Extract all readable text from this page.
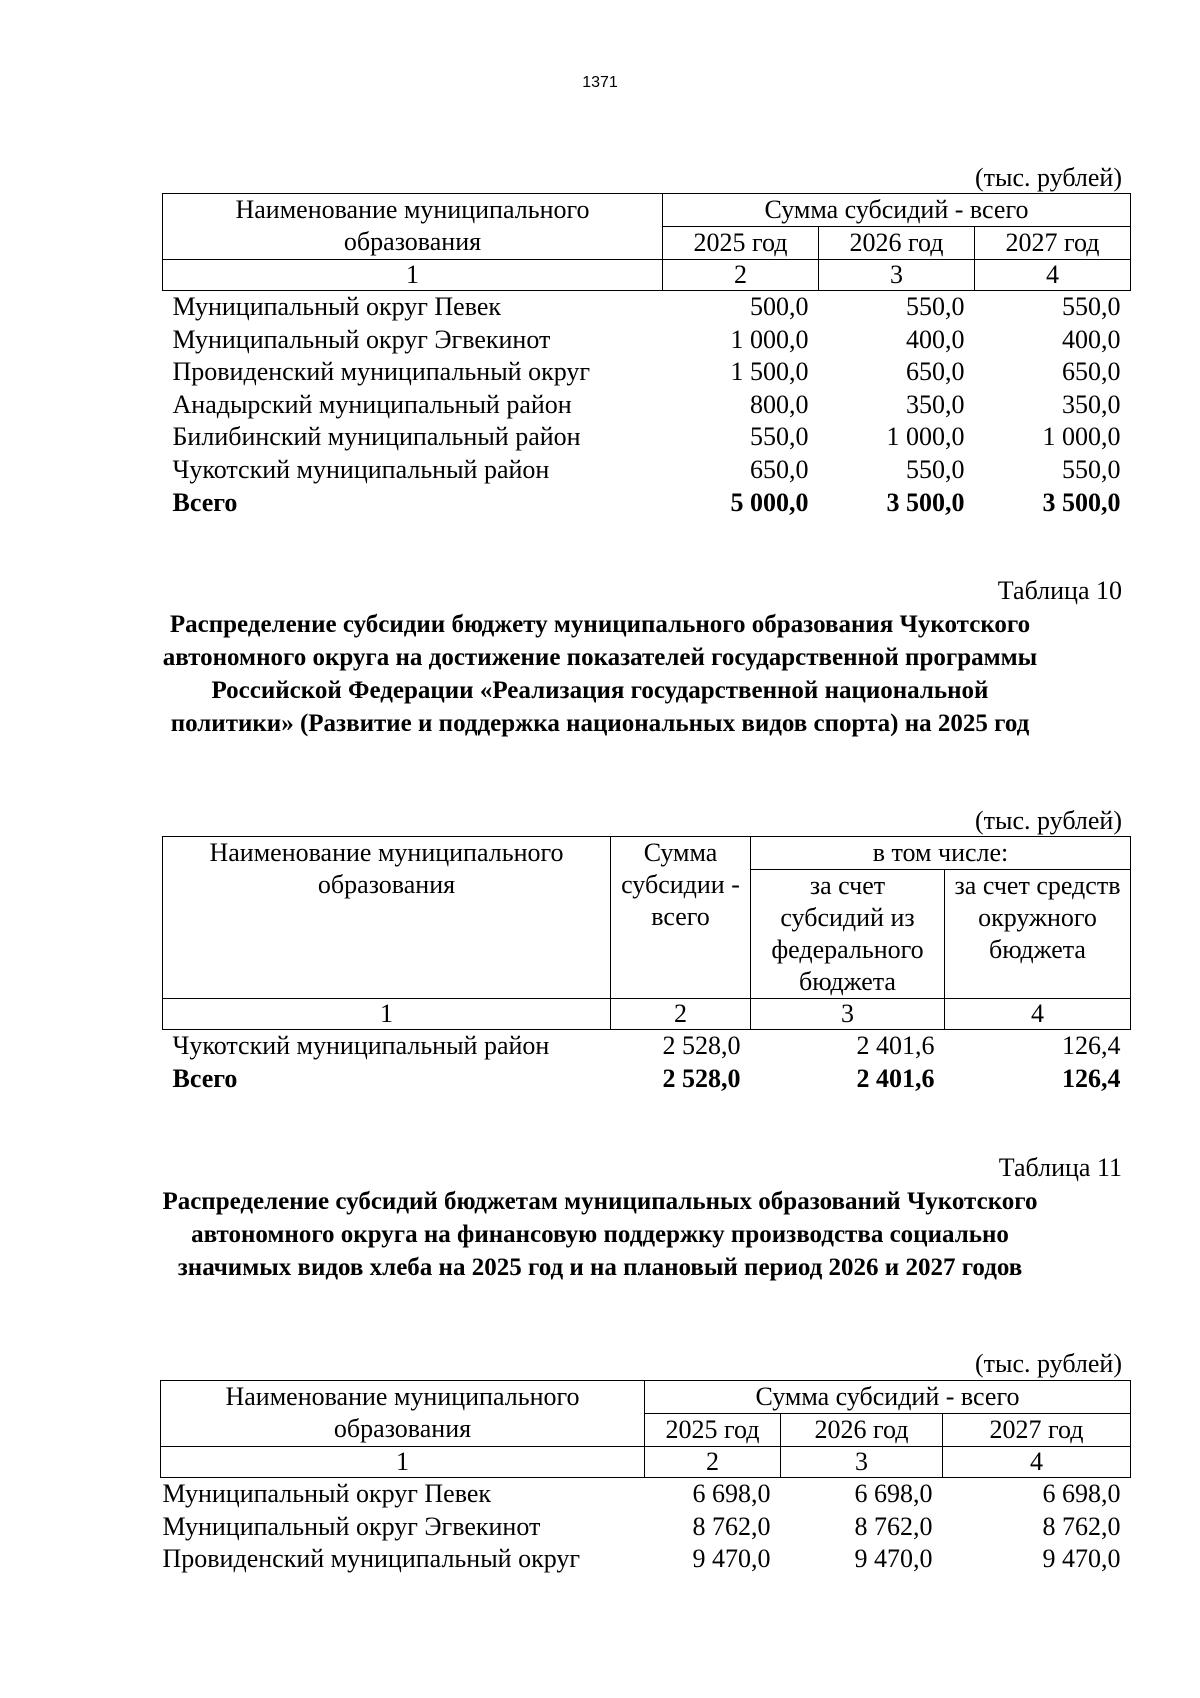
1371
(тыс. рублей)
Наименование муниципального образования	Сумма субсидий - всего		
	2025 год	2026 год	2027 год
1	2	3	4
Муниципальный округ Певек	500,0	550,0	550,0
Муниципальный округ Эгвекинот	1 000,0	400,0	400,0
Провиденский муниципальный округ	1 500,0	650,0	650,0
Анадырский муниципальный район	800,0	350,0	350,0
Билибинский муниципальный район	550,0	1 000,0	1 000,0
Чукотский муниципальный район	650,0	550,0	550,0
Всего	5 000,0	3 500,0	3 500,0
Таблица 10

Распределение субсидии бюджету муниципального образования Чукотского автономного округа на достижение показателей государственной программы Российской Федерации «Реализация государственной национальной политики» (Развитие и поддержка национальных видов спорта) на 2025 год

(тыс. рублей)
Наименование муниципального образования	Сумма субсидии - всего	в том числе:	
		за счет субсидий из федерального бюджета	за счет средств окружного бюджета
1	2	3	4
Чукотский муниципальный район	2 528,0	2 401,6	126,4
Всего	2 528,0	2 401,6	126,4
Таблица 11

Распределение субсидий бюджетам муниципальных образований Чукотского автономного округа на финансовую поддержку производства социально значимых видов хлеба на 2025 год и на плановый период 2026 и 2027 годов

(тыс. рублей)
Наименование муниципального образования	Сумма субсидий - всего		
	2025 год	2026 год	2027 год
1	2	3	4
Муниципальный округ Певек	6 698,0	6 698,0	6 698,0
Муниципальный округ Эгвекинот	8 762,0	8 762,0	8 762,0
Провиденский муниципальный округ	9 470,0	9 470,0	9 470,0
